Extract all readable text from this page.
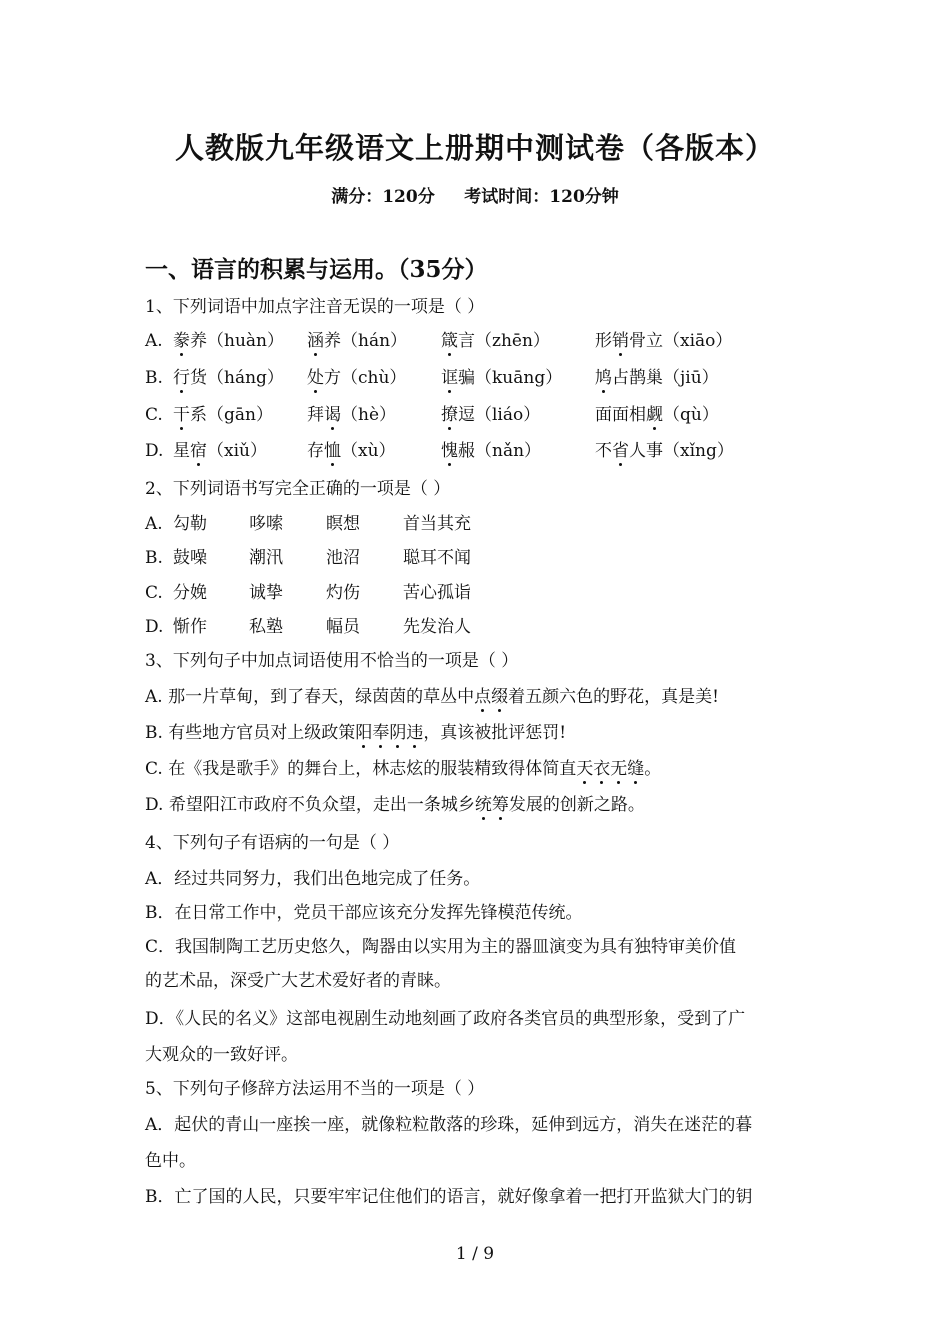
人教版九年级语文上册期中测试卷（各版本）
满分：120分     考试时间：120分钟
一、语言的积累与运用。（35分）
1、下列词语中加点字注音无误的一项是（ ）
A. 豢养（huàn） 涵养（hán） 箴言（zhēn）	形销骨立（xiāo）
B. 行货（háng） 处方（chù） 诓骗（kuāng） 鸠占鹊巢（jiū）
C. 干系（gān） 拜谒（hè）	撩逗（liáo）	面面相觑（qù）
D. 星宿（xiǔ） 存恤（xù）	愧赧（nǎn）	不省人事（xǐng）
2、下列词语书写完全正确的一项是（ ）
A. 勾勒 哆嗦	瞑想	首当其充
B. 鼓噪 潮汛	池沼	聪耳不闻
C. 分娩 诚挚	灼伤	苦心孤诣
D. 惭作 私塾	幅员	先发治人
3、下列句子中加点词语使用不恰当的一项是（ ）
A. 那一片草甸，到了春天，绿茵茵的草丛中点缀着五颜六色的野花，真是美!
B. 有些地方官员对上级政策阳奉阴违，真该被批评惩罚!
C. 在《我是歌手》的舞台上，林志炫的服装精致得体简直天衣无缝。
D. 希望阳江市政府不负众望，走出一条城乡统筹发展的创新之路。
4、下列句子有语病的一句是（ ）
A．经过共同努力，我们出色地完成了任务。
B．在日常工作中，党员干部应该充分发挥先锋模范传统。
C．我国制陶工艺历史悠久，陶器由以实用为主的器皿演变为具有独特审美价值
的艺术品，深受广大艺术爱好者的青睐。
D．《人民的名义》这部电视剧生动地刻画了政府各类官员的典型形象，受到了广
大观众的一致好评。
5、下列句子修辞方法运用不当的一项是（ ）
A．起伏的青山一座挨一座，就像粒粒散落的珍珠，延伸到远方，消失在迷茫的暮
色中。
B．亡了国的人民，只要牢牢记住他们的语言，就好像拿着一把打开监狱大门的钥
1 / 9
